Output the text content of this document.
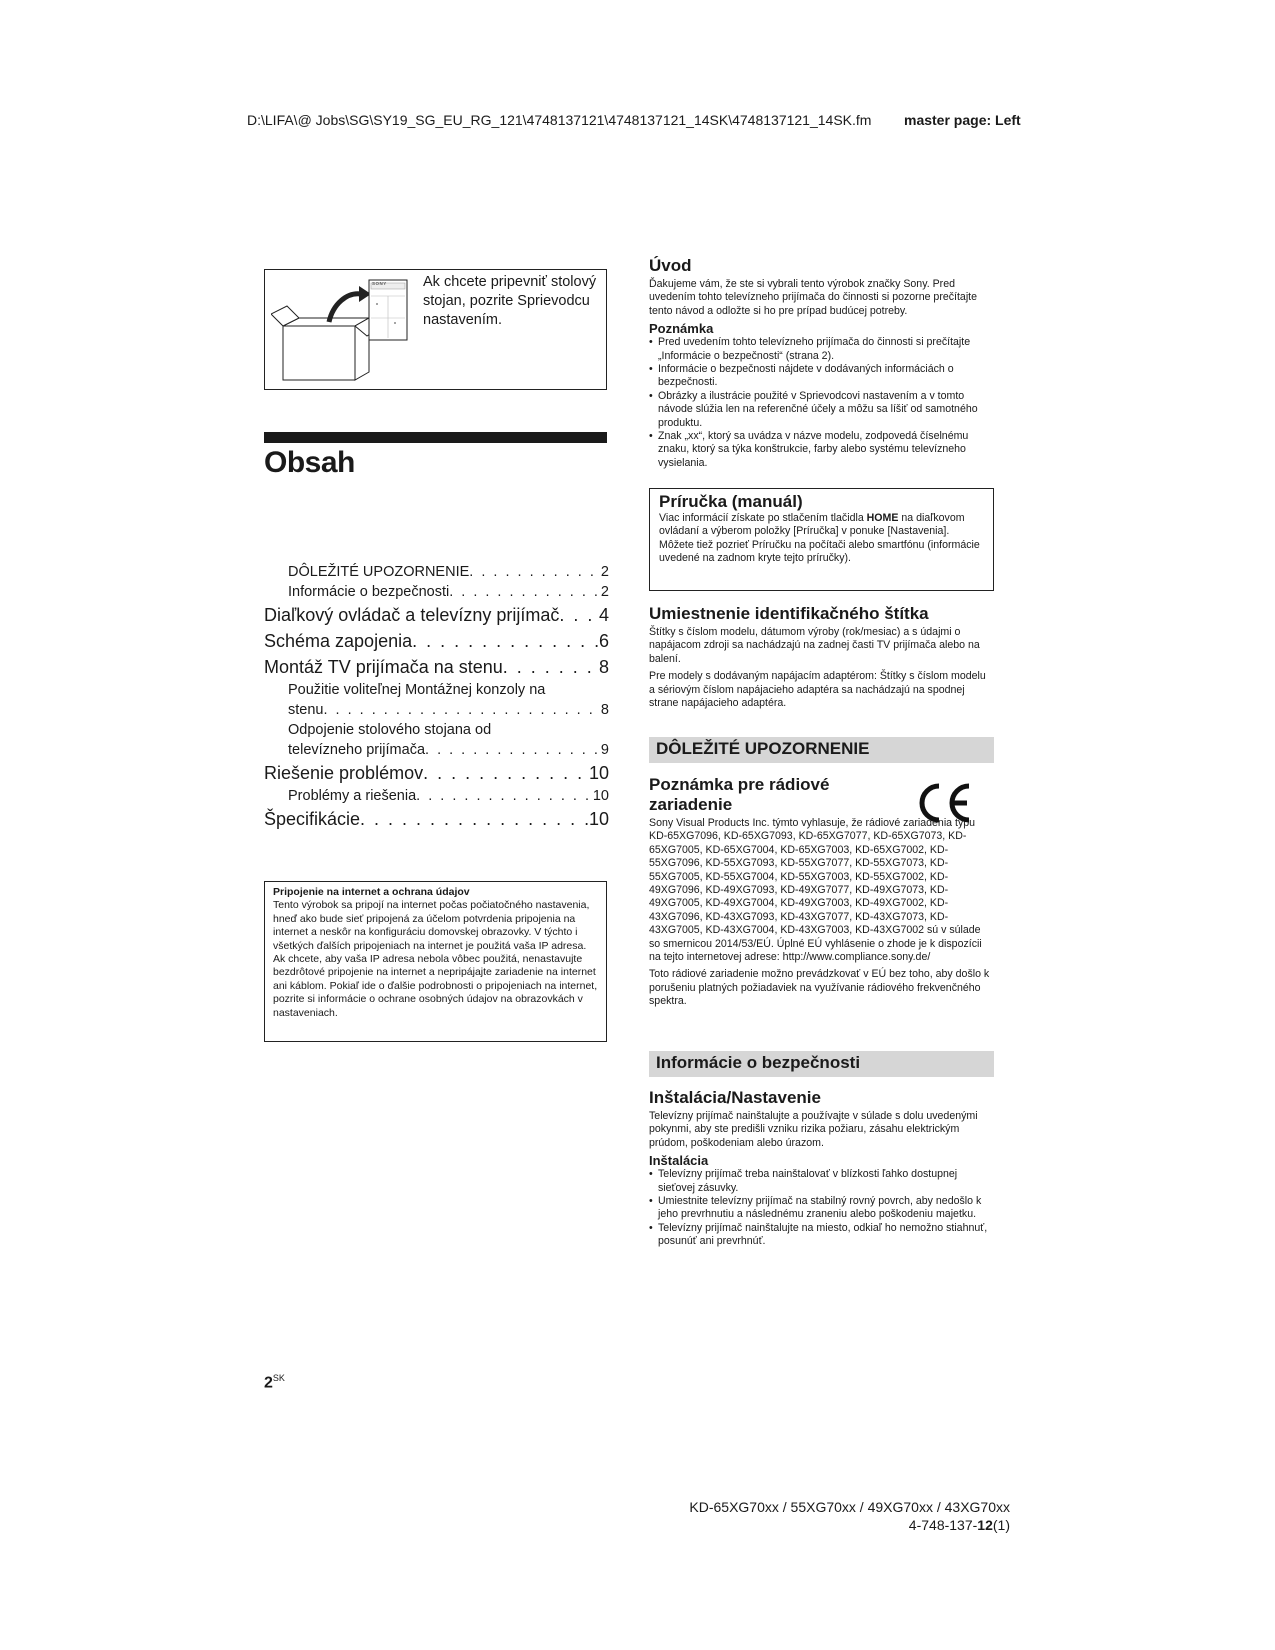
D:\LIFA\@ Jobs\SG\SY19_SG_EU_RG_121\4748137121\4748137121_14SK\4748137121_14SK.fm master page: Left
SONY Ak chcete pripevniť stolový stojan, pozrite Sprievodcu nastavením.
Obsah
DÔLEŽITÉ UPOZORNENIE . . .	2
Informácie o bezpečnosti . . .	2
Diaľkový ovládač a televízny prijímač . . . 4
Schéma zapojenia . . .	6
Montáž TV prijímača na stenu . . .	8
Použitie voliteľnej Montážnej konzoly na
stenu . . .	8
Odpojenie stolového stojana od
televízneho prijímača . . .	9
Riešenie problémov . . .	10
Problémy a riešenia . . .	10
Špecifikácie . . .	10
Pripojenie na internet a ochrana údajov
Tento výrobok sa pripojí na internet počas počiatočného nastavenia, hneď ako bude sieť pripojená za účelom potvrdenia pripojenia na internet a neskôr na konfiguráciu domovskej obrazovky. V týchto i všetkých ďalších pripojeniach na internet je použitá vaša IP adresa. Ak chcete, aby vaša IP adresa nebola vôbec použitá, nenastavujte bezdrôtové pripojenie na internet a nepripájajte zariadenie na internet ani káblom. Pokiaľ ide o ďalšie podrobnosti o pripojeniach na internet, pozrite si informácie o ochrane osobných údajov na obrazovkách v nastaveniach.
$2^{SK}$
Úvod

Ďakujeme vám, že ste si vybrali tento výrobok značky Sony. Pred uvedením tohto televízneho prijímača do činnosti si pozorne prečítajte tento návod a odložte si ho pre prípad budúcej potreby.

Poznámka
• Pred uvedením tohto televízneho prijímača do činnosti si prečítajte „Informácie o bezpečnosti“ (strana 2).
• Informácie o bezpečnosti nájdete v dodávaných informáciách o bezpečnosti.
• Obrázky a ilustrácie použité v Sprievodcovi nastavením a v tomto návode slúžia len na referenčné účely a môžu sa líšiť od samotného produktu.
• Znak „xx“, ktorý sa uvádza v názve modelu, zodpovedá číselnému znaku, ktorý sa týka konštrukcie, farby alebo systému televízneho vysielania.
Príručka (manuál)

Viac informácií získate po stlačením tlačidla HOME na diaľkovom ovládaní a výberom položky [Príručka] v ponuke [Nastavenia]. Môžete tiež pozrieť Príručku na počítači alebo smartfónu (informácie uvedené na zadnom kryte tejto príručky).

Umiestnenie identifikačného štítka

Štítky s číslom modelu, dátumom výroby (rok/mesiac) a s údajmi o napájacom zdroji sa nachádzajú na zadnej časti TV prijímača alebo na balení.

Pre modely s dodávaným napájacím adaptérom: Štítky s číslom modelu a sériovým číslom napájacieho adaptéra sa nachádzajú na spodnej strane napájacieho adaptéra.

DÔLEŽITÉ UPOZORNENIE
Poznámka pre rádiové zariadenie

Sony Visual Products Inc. týmto vyhlasuje, že rádiové zariadenia typu KD-65XG7096, KD-65XG7093, KD-65XG7077, KD-65XG7073, KD-65XG7005, KD-65XG7004, KD-65XG7003, KD-65XG7002, KD-55XG7096, KD-55XG7093, KD-55XG7077, KD-55XG7073, KD-55XG7005, KD-55XG7004, KD-55XG7003, KD-55XG7002, KD-49XG7096, KD-49XG7093, KD-49XG7077, KD-49XG7073, KD-49XG7005, KD-49XG7004, KD-49XG7003, KD-49XG7002, KD-43XG7096, KD-43XG7093, KD-43XG7077, KD-43XG7073, KD-43XG7005, KD-43XG7004, KD-43XG7003, KD-43XG7002 sú v súlade so smernicou 2014/53/EÚ. Úplné EÚ vyhlásenie o zhode je k dispozícii na tejto internetovej adrese: http://www.compliance.sony.de/

Toto rádiové zariadenie možno prevádzkovať v EÚ bez toho, aby došlo k porušeniu platných požiadaviek na využívanie rádiového frekvenčného spektra.

Informácie o bezpečnosti
Inštalácia/Nastavenie

Televízny prijímač nainštalujte a používajte v súlade s dolu uvedenými pokynmi, aby ste predišli vzniku rizika požiaru, zásahu elektrickým prúdom, poškodeniam alebo úrazom.

Inštalácia
• Televízny prijímač treba nainštalovať v blízkosti ľahko dostupnej sieťovej zásuvky.
• Umiestnite televízny prijímač na stabilný rovný povrch, aby nedošlo k jeho prevrhnutiu a následnému zraneniu alebo poškodeniu majetku.
• Televízny prijímač nainštalujte na miesto, odkiaľ ho nemožno stiahnuť, posunúť ani prevrhnúť.
KD-65XG70xx / 55XG70xx / 49XG70xx / 43XG70xx
4-748-137-12(1)
